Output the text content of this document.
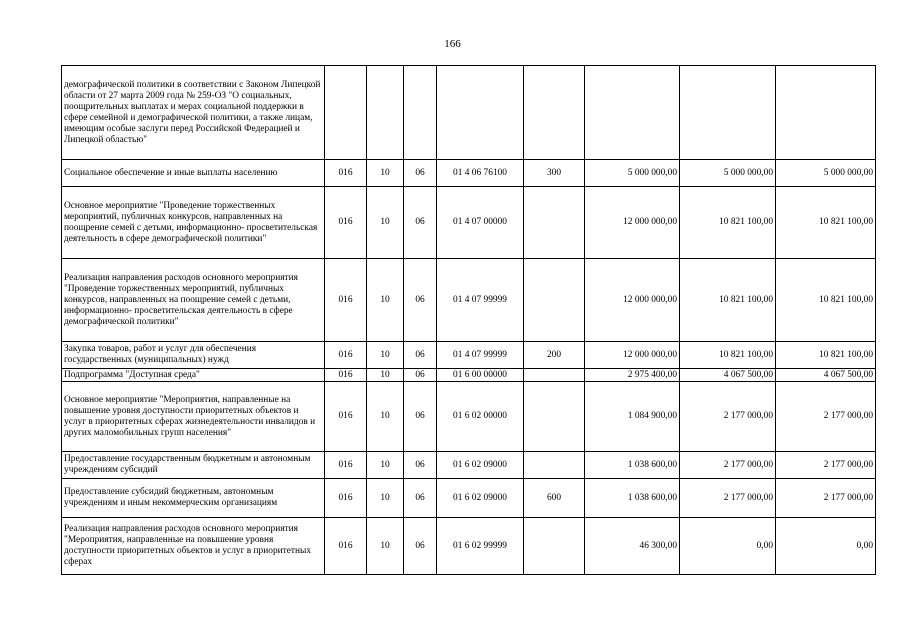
166
демографической политики в соответствии с Законом Липецкой области от 27 марта 2009 года № 259-ОЗ "О социальных, поощрительных выплатах и мерах социальной поддержки в сфере семейной и демографической политики, а также лицам, имеющим особые заслуги перед Российской Федерацией и Липецкой областью"								
Социальное обеспечение и иные выплаты населению	016	10	06	01 4 06 76100	300	5 000 000,00	5 000 000,00	5 000 000,00
Основное мероприятие "Проведение торжественных мероприятий, публичных конкурсов, направленных на поощрение семей с детьми, информационно- просветительская деятельность в сфере демографической политики"	016	10	06	01 4 07 00000		12 000 000,00	10 821 100,00	10 821 100,00
Реализация направления расходов основного мероприятия "Проведение торжественных мероприятий, публичных конкурсов, направленных на поощрение семей с детьми, информационно- просветительская деятельность в сфере демографической политики"	016	10	06	01 4 07 99999		12 000 000,00	10 821 100,00	10 821 100,00
Закупка товаров, работ и услуг для обеспечения государственных (муниципальных) нужд	016	10	06	01 4 07 99999	200	12 000 000,00	10 821 100,00	10 821 100,00
Подпрограмма "Доступная среда"	016	10	06	01 6 00 00000		2 975 400,00	4 067 500,00	4 067 500,00
Основное мероприятие "Мероприятия, направленные на повышение уровня доступности приоритетных объектов и услуг в приоритетных сферах жизнедеятельности инвалидов и других маломобильных групп населения"	016	10	06	01 6 02 00000		1 084 900,00	2 177 000,00	2 177 000,00
Предоставление государственным бюджетным и автономным учреждениям субсидий	016	10	06	01 6 02 09000		1 038 600,00	2 177 000,00	2 177 000,00
Предоставление субсидий бюджетным, автономным учреждениям и иным некоммерческим организациям	016	10	06	01 6 02 09000	600	1 038 600,00	2 177 000,00	2 177 000,00
Реализация направления расходов основного мероприятия "Мероприятия, направленные на повышение уровня доступности приоритетных объектов и услуг в приоритетных сферах	016	10	06	01 6 02 99999		46 300,00	0,00	0,00
